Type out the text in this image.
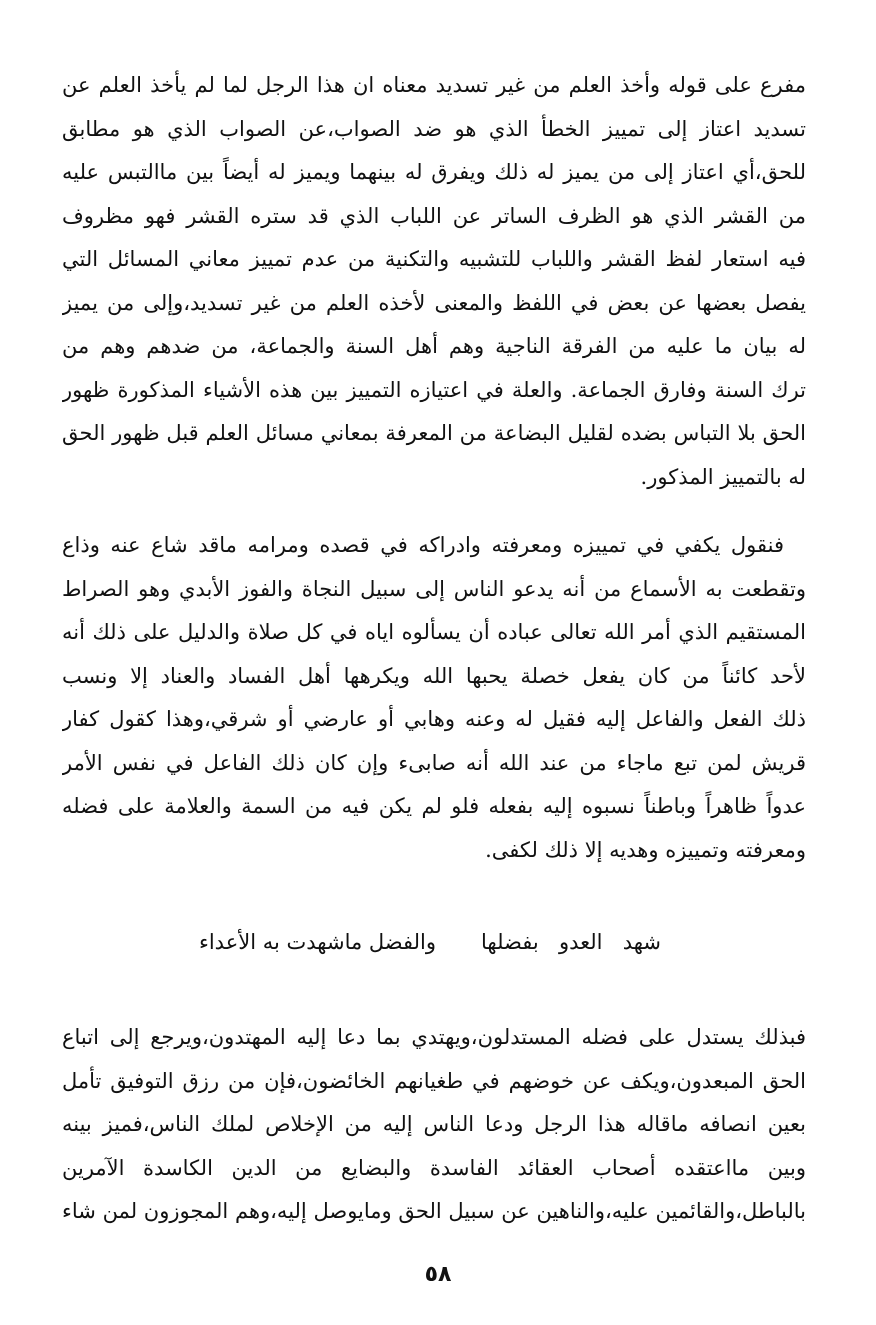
مفرع على قوله وأخذ العلم من غير تسديد معناه ان هذا الرجل لما لم يأخذ العلم عن
تسديد اعتاز إلى تمييز الخطأ الذي هو ضد الصواب،عن الصواب الذي هو مطابق
للحق،أي اعتاز إلى من يميز له ذلك ويفرق له بينهما ويميز له أيضاً بين ماالتبس عليه
من القشر الذي هو الظرف الساتر عن اللباب الذي قد ستره القشر فهو مظروف
فيه استعار لفظ القشر واللباب للتشبيه والتكنية من عدم تمييز معاني المسائل التي
يفصل بعضها عن بعض في اللفظ والمعنى لأخذه العلم من غير تسديد،وإلى من يميز
له بيان ما عليه من الفرقة الناجية وهم أهل السنة والجماعة، من ضدهم وهم من
ترك السنة وفارق الجماعة. والعلة في اعتيازه التمييز بين هذه الأشياء المذكورة ظهور
الحق بلا التباس بضده لقليل البضاعة من المعرفة بمعاني مسائل العلم قبل ظهور الحق
له بالتمييز المذكور.
فنقول يكفي في تمييزه ومعرفته وادراكه في قصده ومرامه ماقد شاع عنه وذاع
وتقطعت به الأسماع من أنه يدعو الناس إلى سبيل النجاة والفوز الأبدي وهو الصراط
المستقيم الذي أمر الله تعالى عباده أن يسألوه اياه في كل صلاة والدليل على ذلك أنه
لأحد كائناً من كان يفعل خصلة يحبها الله ويكرهها أهل الفساد والعناد إلا ونسب
ذلك الفعل والفاعل إليه فقيل له وعنه وهابي أو عارضي أو شرقي،وهذا كقول كفار
قريش لمن تبع ماجاء من عند الله أنه صابىء وإن كان ذلك الفاعل في نفس الأمر
عدواً ظاهراً وباطناً نسبوه إليه بفعله فلو لم يكن فيه من السمة والعلامة على فضله
ومعرفته وتمييزه وهديه إلا ذلك لكفى.
شهد العدو بفضلها
والفضل ماشهدت به الأعداء
فبذلك يستدل على فضله المستدلون،ويهتدي بما دعا إليه المهتدون،ويرجع إلى اتباع
الحق المبعدون،ويكف عن خوضهم في طغيانهم الخائضون،فإن من رزق التوفيق تأمل
بعين انصافه ماقاله هذا الرجل ودعا الناس إليه من الإخلاص لملك الناس،فميز بينه
وبين مااعتقده أصحاب العقائد الفاسدة والبضايع من الدين الكاسدة الآمرين
بالباطل،والقائمين عليه،والناهين عن سبيل الحق ومايوصل إليه،وهم المجوزون لمن شاء
٥٨
